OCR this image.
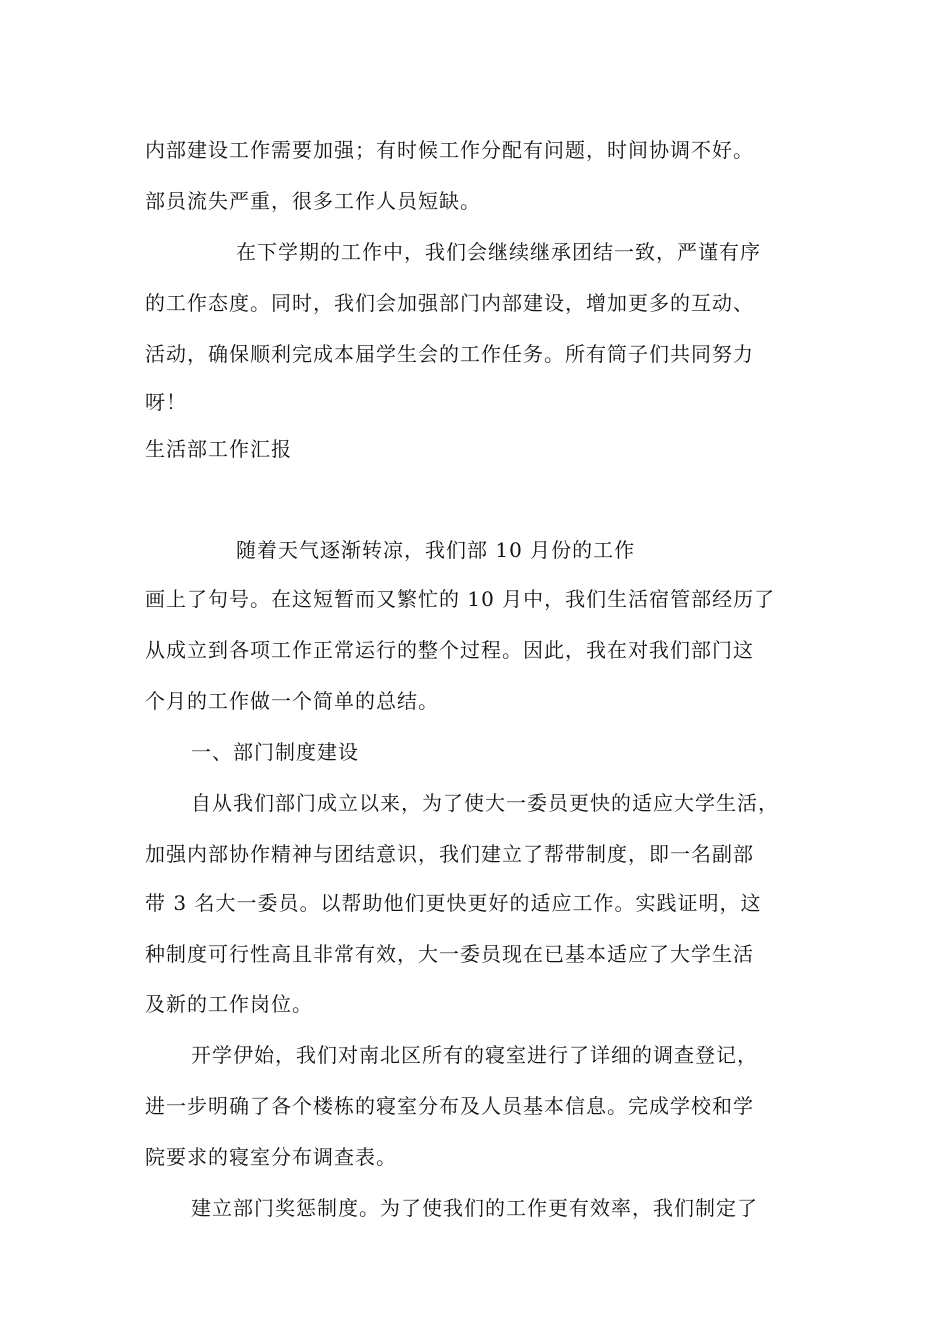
内部建设工作需要加强；有时候工作分配有问题，时间协调不好。
部员流失严重，很多工作人员短缺。
在下学期的工作中，我们会继续继承团结一致，严谨有序
的工作态度。同时，我们会加强部门内部建设，增加更多的互动、
活动，确保顺利完成本届学生会的工作任务。所有筒子们共同努力
呀！
生活部工作汇报
随着天气逐渐转凉，我们部 10 月份的工作
画上了句号。在这短暂而又繁忙的 10 月中，我们生活宿管部经历了
从成立到各项工作正常运行的整个过程。因此，我在对我们部门这
个月的工作做一个简单的总结。
一、部门制度建设
自从我们部门成立以来，为了使大一委员更快的适应大学生活，
加强内部协作精神与团结意识，我们建立了帮带制度，即一名副部
带 3 名大一委员。以帮助他们更快更好的适应工作。实践证明，这
种制度可行性高且非常有效，大一委员现在已基本适应了大学生活
及新的工作岗位。
开学伊始，我们对南北区所有的寝室进行了详细的调查登记，
进一步明确了各个楼栋的寝室分布及人员基本信息。完成学校和学
院要求的寝室分布调查表。
建立部门奖惩制度。为了使我们的工作更有效率，我们制定了
